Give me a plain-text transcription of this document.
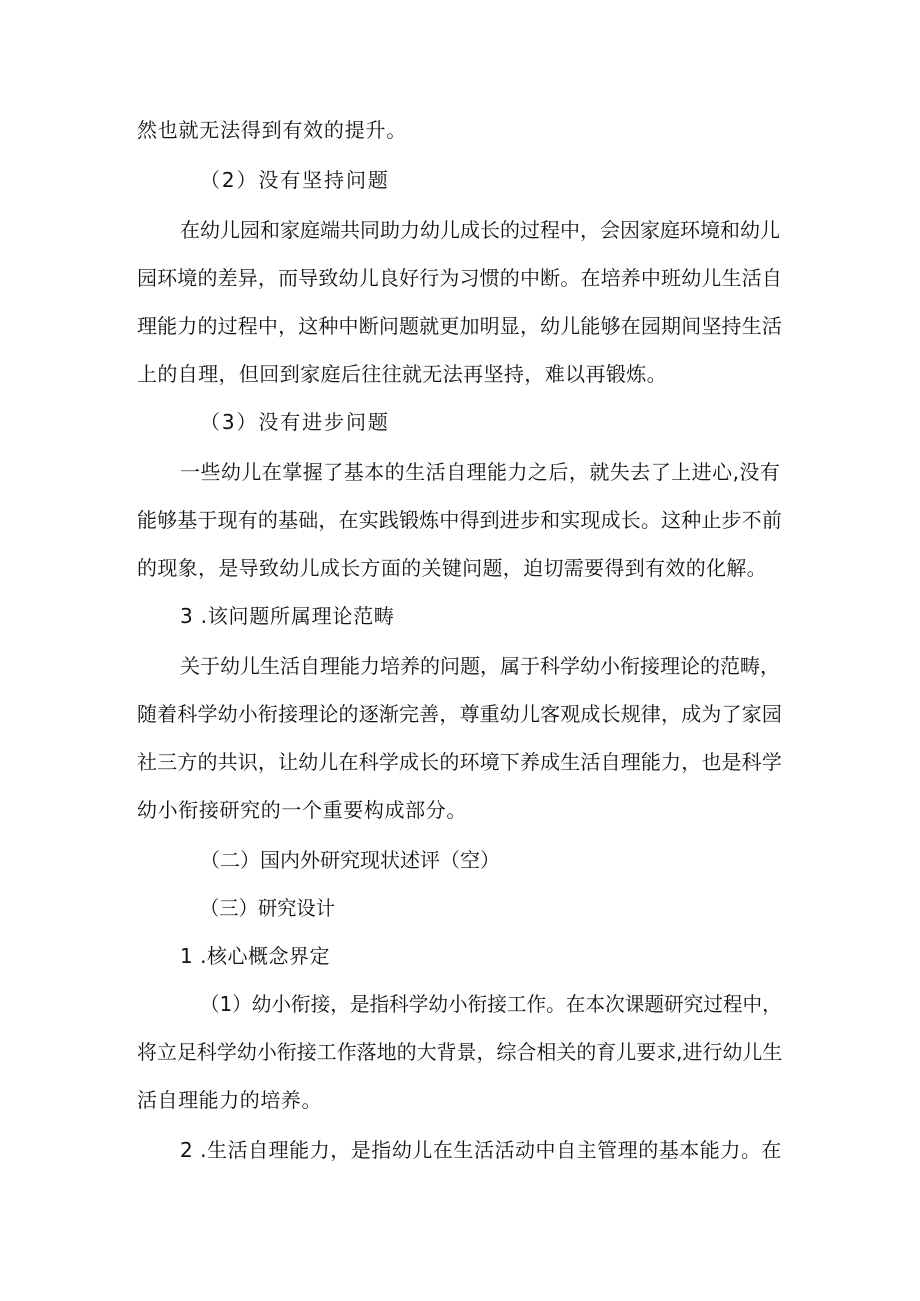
然也就无法得到有效的提升。
（2）没有坚持问题
在幼儿园和家庭端共同助力幼儿成长的过程中，会因家庭环境和幼儿
园环境的差异，而导致幼儿良好行为习惯的中断。在培养中班幼儿生活自
理能力的过程中，这种中断问题就更加明显，幼儿能够在园期间坚持生活
上的自理，但回到家庭后往往就无法再坚持，难以再锻炼。
（3）没有进步问题
一些幼儿在掌握了基本的生活自理能力之后，就失去了上进心,没有
能够基于现有的基础，在实践锻炼中得到进步和实现成长。这种止步不前
的现象，是导致幼儿成长方面的关键问题，迫切需要得到有效的化解。
3 .该问题所属理论范畴
关于幼儿生活自理能力培养的问题，属于科学幼小衔接理论的范畴，
随着科学幼小衔接理论的逐渐完善，尊重幼儿客观成长规律，成为了家园
社三方的共识，让幼儿在科学成长的环境下养成生活自理能力，也是科学
幼小衔接研究的一个重要构成部分。
（二）国内外研究现状述评（空）
（三）研究设计
1 .核心概念界定
（1）幼小衔接，是指科学幼小衔接工作。在本次课题研究过程中，
将立足科学幼小衔接工作落地的大背景，综合相关的育儿要求,进行幼儿生
活自理能力的培养。
2 .生活自理能力，是指幼儿在生活活动中自主管理的基本能力。在
